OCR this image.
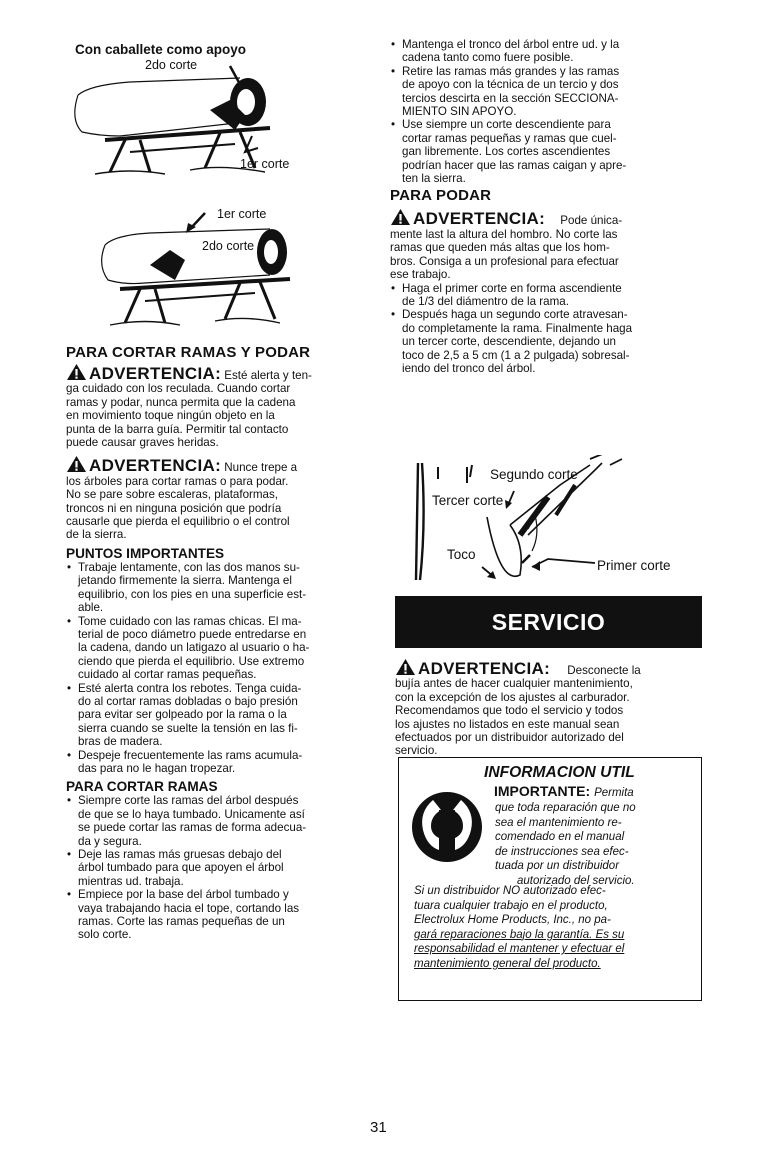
Con caballete como apoyo
2do corte
1er corte
1er corte
2do corte
PARA CORTAR RAMAS Y PODAR

ADVERTENCIA: Esté alerta y ten-
ga cuidado con los reculada. Cuando cortar
ramas y podar, nunca permita que la cadena
en movimiento toque ningún objeto en la
punta de la barra guía. Permitir tal contacto
puede causar graves heridas.

ADVERTENCIA: Nunce trepe a
los árboles para cortar ramas o para podar.
No se pare sobre escaleras, plataformas,
troncos ni en ninguna posición que podría
causarle que pierda el equilibrio o el control
de la sierra.

PUNTOS IMPORTANTES
• Trabaje lentamente, con las dos manos su-
jetando firmemente la sierra. Mantenga el
equilibrio, con los pies en una superficie est-
able.
• Tome cuidado con las ramas chicas. El ma-
terial de poco diámetro puede entredarse en
la cadena, dando un latigazo al usuario o ha-
ciendo que pierda el equilibrio. Use extremo
cuidado al cortar ramas pequeñas.
• Esté alerta contra los rebotes. Tenga cuida-
do al cortar ramas dobladas o bajo presión
para evitar ser golpeado por la rama o la
sierra cuando se suelte la tensión en las fi-
bras de madera.
• Despeje frecuentemente las rams acumula-
das para no le hagan tropezar.
PARA CORTAR RAMAS
• Siempre corte las ramas del árbol después
de que se lo haya tumbado. Unicamente así
se puede cortar las ramas de forma adecua-
da y segura.
• Deje las ramas más gruesas debajo del
árbol tumbado para que apoyen el árbol
mientras ud. trabaja.
• Empiece por la base del árbol tumbado y
vaya trabajando hacia el tope, cortando las
ramas. Corte las ramas pequeñas de un
solo corte.
• Mantenga el tronco del árbol entre ud. y la
cadena tanto como fuere posible.
• Retire las ramas más grandes y las ramas
de apoyo con la técnica de un tercio y dos
tercios descirta en la sección SECCIONA-
MIENTO SIN APOYO.
• Use siempre un corte descendiente para
cortar ramas pequeñas y ramas que cuel-
gan libremente. Los cortes ascendientes
podrían hacer que las ramas caigan y apre-
ten la sierra.
PARA PODAR

ADVERTENCIA: Pode única-
mente last la altura del hombro. No corte las
ramas que queden más altas que los hom-
bros. Consiga a un profesional para efectuar
ese trabajo.

• Haga el primer corte en forma ascendiente
de 1/3 del diámentro de la rama.
• Después haga un segundo corte atravesan-
do completamente la rama. Finalmente haga
un tercer corte, descendiente, dejando un
toco de 2,5 a 5 cm (1 a 2 pulgada) sobresal-
iendo del tronco del árbol.
Segundo corte
Tercer corte
Toco
Primer corte
SERVICIO

ADVERTENCIA: Desconecte la
bujía antes de hacer cualquier mantenimiento,
con la excepción de los ajustes al carburador.
Recomendamos que todo el servicio y todos
los ajustes no listados en este manual sean
efectuados por un distribuidor autorizado del
servicio.

INFORMACION UTIL
IMPORTANTE: Permita
que toda reparación que no
sea el mantenimiento re-
comendado en el manual
de instrucciones sea efec-
tuada por un distribuidor
autorizado del servicio.
Si un distribuidor NO autorizado efec-
tuara cualquier trabajo en el producto,
Electrolux Home Products, Inc., no pa-
gará reparaciones bajo la garantía. Es su
responsabilidad el mantener y efectuar el
mantenimiento general del producto.
31
